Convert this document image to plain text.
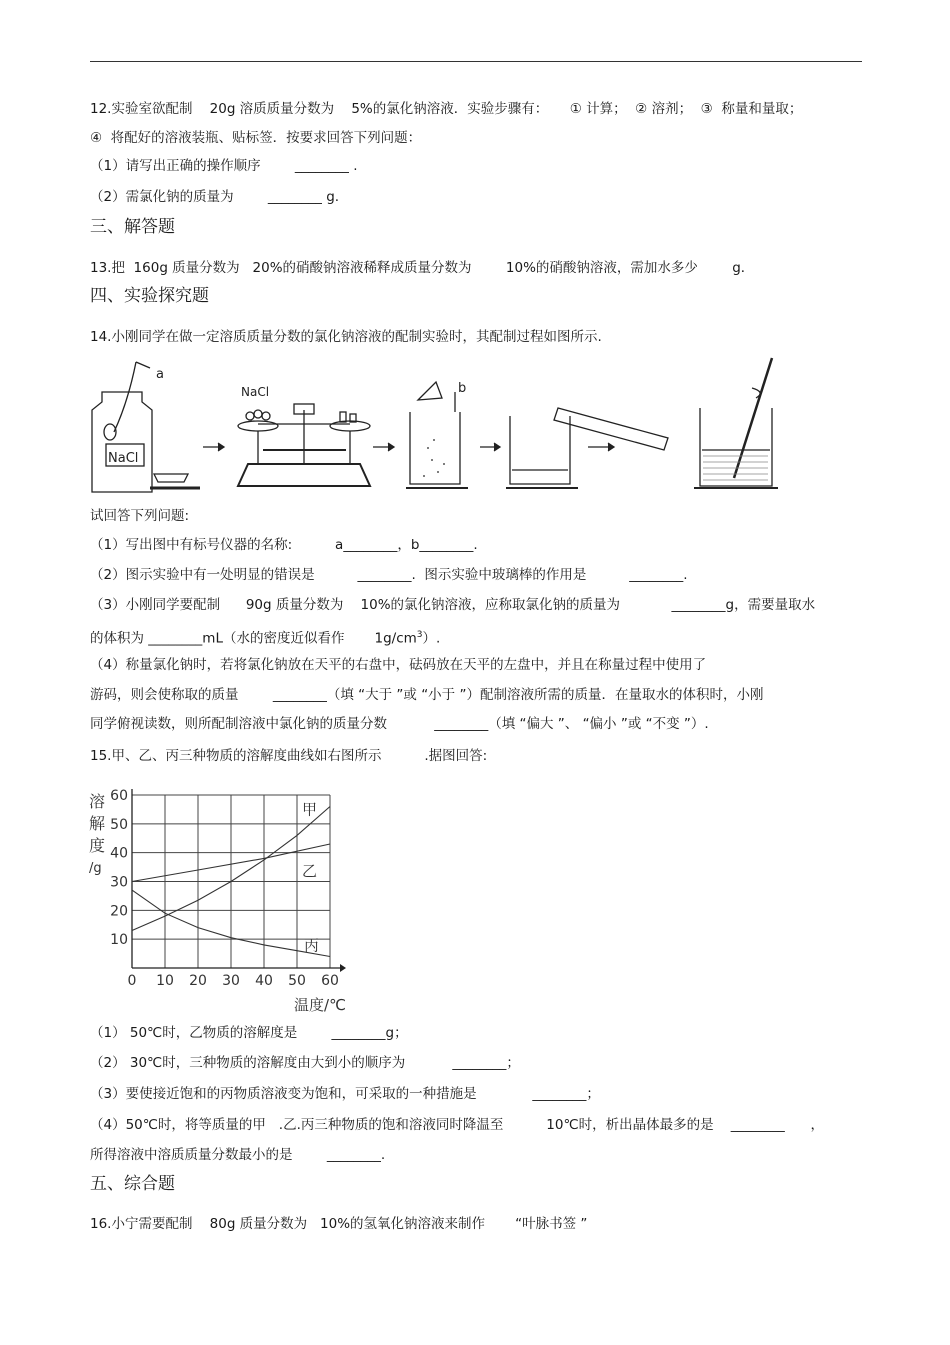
12.实验室欲配制    20g 溶质质量分数为    5%的氯化钠溶液．实验步骤有：     ① 计算；  ② 溶剂；  ③  称量和量取；
④  将配好的溶液装瓶、贴标签．按要求回答下列问题：
（1）请写出正确的操作顺序        ________ .
（2）需氯化钠的质量为        ________ g.
三、解答题
13.把  160g 质量分数为   20%的硝酸钠溶液稀释成质量分数为        10%的硝酸钠溶液，需加水多少        g．
四、实验探究题
14.小刚同学在做一定溶质质量分数的氯化钠溶液的配制实验时，其配制过程如图所示.
a
b
NaCl
NaCl
试回答下列问题:
（1）写出图中有标号仪器的名称:          a________，b________.
（2）图示实验中有一处明显的错误是          ________.  图示实验中玻璃棒的作用是          ________.
（3）小刚同学要配制      90g 质量分数为    10%的氯化钠溶液，应称取氯化钠的质量为            ________g，需要量取水
的体积为 ________mL（水的密度近似看作       $1g/cm^3$）.
（4）称量氯化钠时，若将氯化钠放在天平的右盘中，砝码放在天平的左盘中，并且在称量过程中使用了
游码，则会使称取的质量        ________（填 “大于 ”或 “小于 ”）配制溶液所需的质量．在量取水的体积时，小刚
同学俯视读数，则所配制溶液中氯化钠的质量分数           ________（填 “偏大 ”、 “偏小 ”或 “不变 ”）.
15.甲、乙、丙三种物质的溶解度曲线如右图所示          .据图回答:
甲
乙
丙
0 10 20 30 40 50 60
10
20
30
40
50
60
溶
解
度
/g
温度/℃
（1） 50℃时，乙物质的溶解度是        ________g；
（2） 30℃时，三种物质的溶解度由大到小的顺序为           ________；
（3）要使接近饱和的丙物质溶液变为饱和，可采取的一种措施是             ________；
（4）50℃时，将等质量的甲   .乙.丙三种物质的饱和溶液同时降温至          10℃时，析出晶体最多的是    ________      ，
所得溶液中溶质质量分数最小的是        ________.
五、综合题
16.小宁需要配制    80g 质量分数为   10%的氢氧化钠溶液来制作       “叶脉书签 ”
